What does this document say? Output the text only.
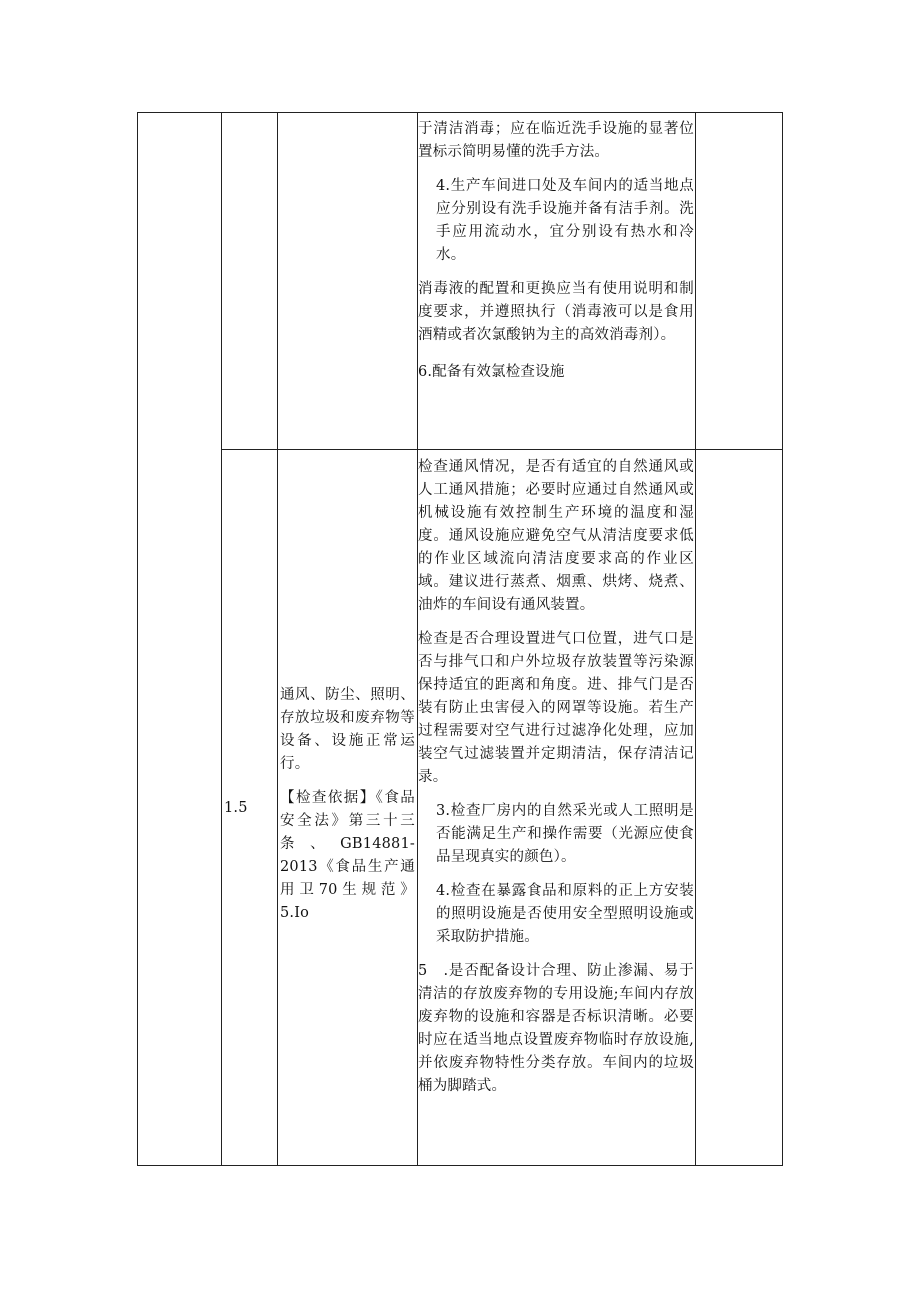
于清洁消毒；应在临近洗手设施的显著位置标示简明易懂的洗手方法。

4.生产车间进口处及车间内的适当地点应分别设有洗手设施并备有洁手剂。洗手应用流动水，宜分别设有热水和冷水。

消毒液的配置和更换应当有使用说明和制度要求，并遵照执行（消毒液可以是食用酒精或者次氯酸钠为主的高效消毒剂）。

6.配备有效氯检查设施

1.5

通风、防尘、照明、存放垃圾和废弃物等设备、设施正常运行。

【检查依据】《食品安全法》第三十三条、GB14881-2013《食品生产通用卫70生规范》5.Io

检查通风情况，是否有适宜的自然通风或人工通风措施；必要时应通过自然通风或机械设施有效控制生产环境的温度和湿度。通风设施应避免空气从清洁度要求低的作业区域流向清洁度要求高的作业区域。建议进行蒸煮、烟熏、烘烤、烧煮、油炸的车间设有通风装置。

检查是否合理设置进气口位置，进气口是否与排气口和户外垃圾存放装置等污染源保持适宜的距离和角度。进、排气门是否装有防止虫害侵入的网罩等设施。若生产过程需要对空气进行过滤净化处理，应加装空气过滤装置并定期清洁，保存清洁记录。

3.检查厂房内的自然采光或人工照明是否能满足生产和操作需要（光源应使食品呈现真实的颜色）。

4.检查在暴露食品和原料的正上方安装的照明设施是否使用安全型照明设施或采取防护措施。

5　.是否配备设计合理、防止渗漏、易于清洁的存放废弃物的专用设施;车间内存放废弃物的设施和容器是否标识清晰。必要时应在适当地点设置废弃物临时存放设施,并依废弃物特性分类存放。车间内的垃圾桶为脚踏式。
